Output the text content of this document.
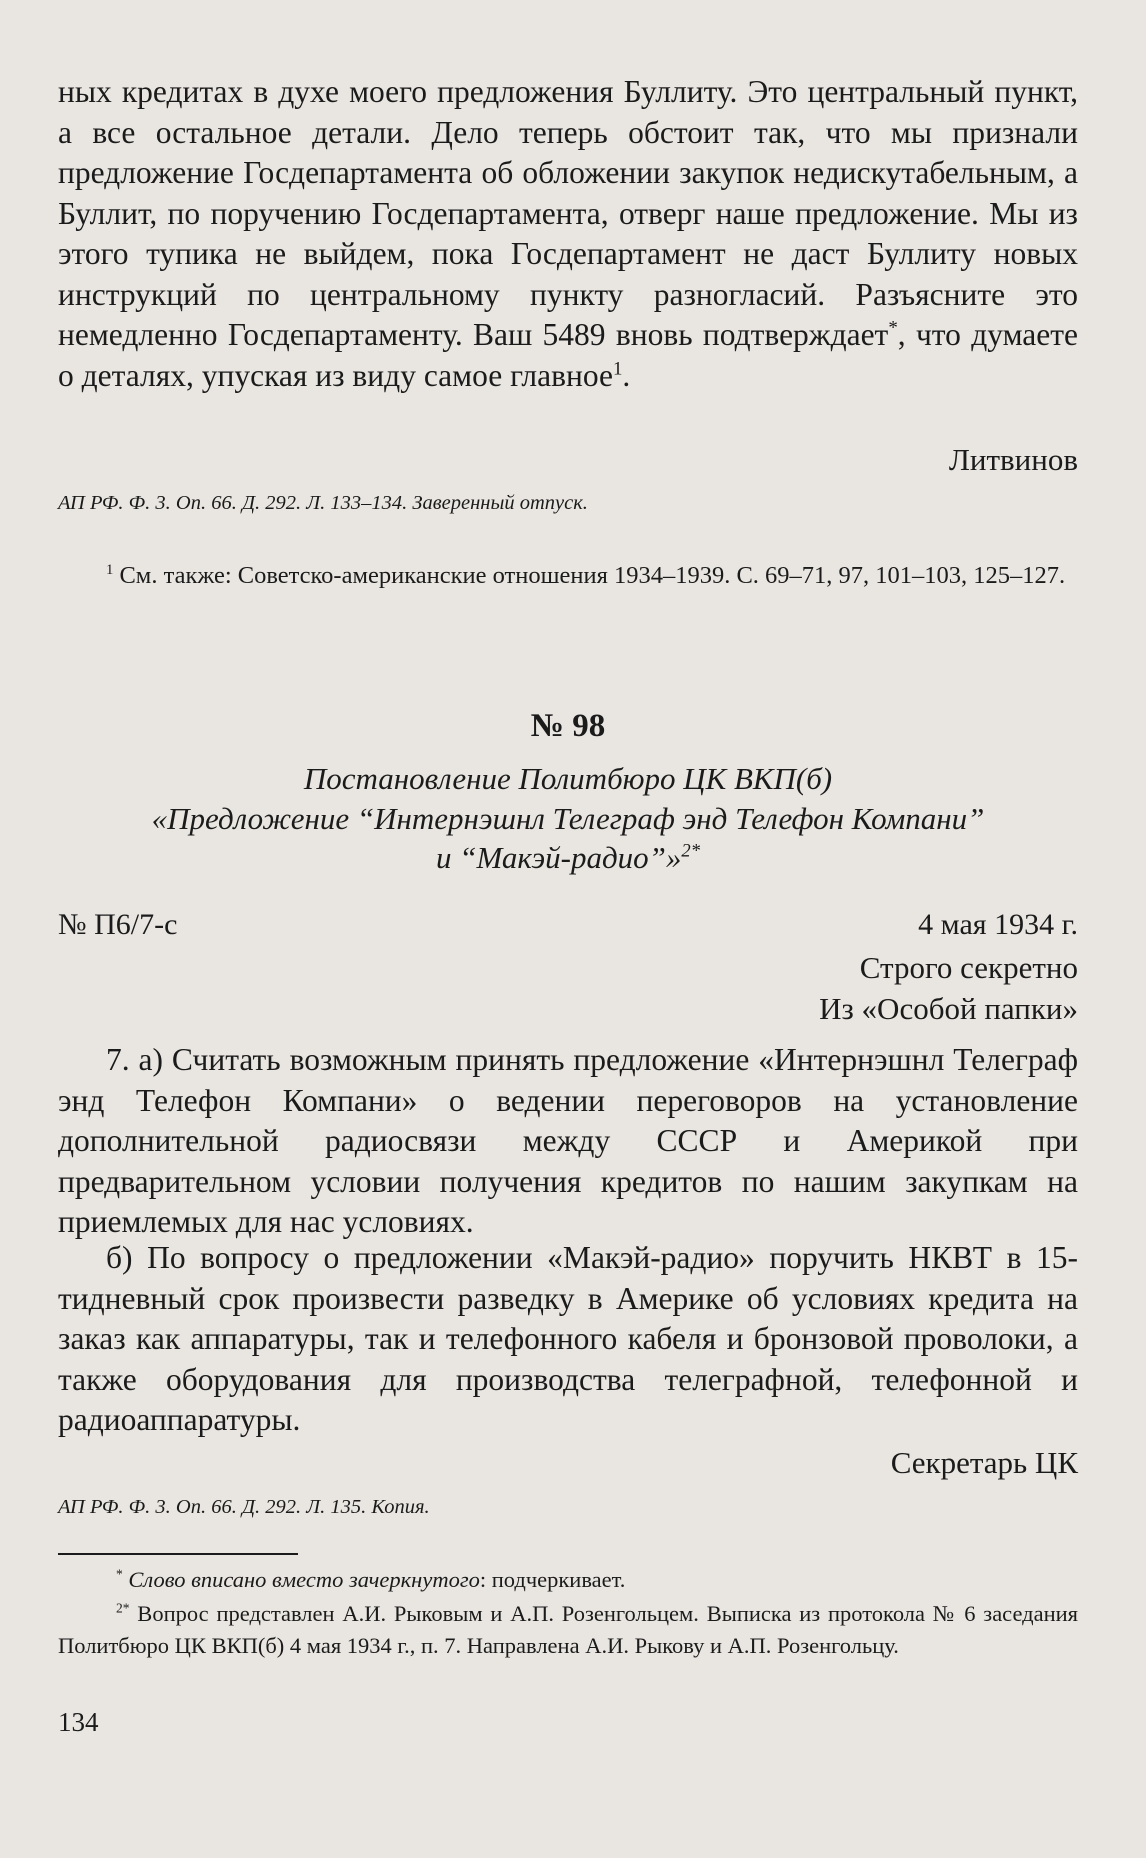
ных кредитах в духе моего предложения Буллиту. Это центральный пункт, а все остальное детали. Дело теперь обстоит так, что мы признали предложение Госдепартамента об обложении закупок недискутабельным, а Буллит, по поручению Госдепартамента, отверг наше предложение. Мы из этого тупика не выйдем, пока Госдепартамент не даст Буллиту новых инструкций по центральному пункту разногласий. Разъясните это немедленно Госдепартаменту. Ваш 5489 вновь подтверждает*, что думаете о деталях, упуская из виду самое главное$^1$.

Литвинов
АП РФ. Ф. 3. Оп. 66. Д. 292. Л. 133–134. Заверенный отпуск.

$^1$ См. также: Советско-американские отношения 1934–1939. С. 69–71, 97, 101–103, 125–127.

№ 98
Постановление Политбюро ЦК ВКП(б)
«Предложение “Интернэшнл Телеграф энд Телефон Компани”
и “Макэй-радио”»$^{2*}$
№ П6/7-с	4 мая 1934 г.
Строго секретно
Из «Особой папки»

7. а) Считать возможным принять предложение «Интернэшнл Телеграф энд Телефон Компани» о ведении переговоров на установление дополнительной радиосвязи между СССР и Америкой при предварительном условии получения кредитов по нашим закупкам на приемлемых для нас условиях.

б) По вопросу о предложении «Макэй-радио» поручить НКВТ в 15-тидневный срок произвести разведку в Америке об условиях кредита на заказ как аппаратуры, так и телефонного кабеля и бронзовой проволоки, а также оборудования для производства телеграфной, телефонной и радиоаппаратуры.

Секретарь ЦК
АП РФ. Ф. 3. Оп. 66. Д. 292. Л. 135. Копия.

* Слово вписано вместо зачеркнутого: подчеркивает.

$^{2*}$ Вопрос представлен А.И. Рыковым и А.П. Розенгольцем. Выписка из протокола № 6 заседания Политбюро ЦК ВКП(б) 4 мая 1934 г., п. 7. Направлена А.И. Рыкову и А.П. Розенгольцу.

134
